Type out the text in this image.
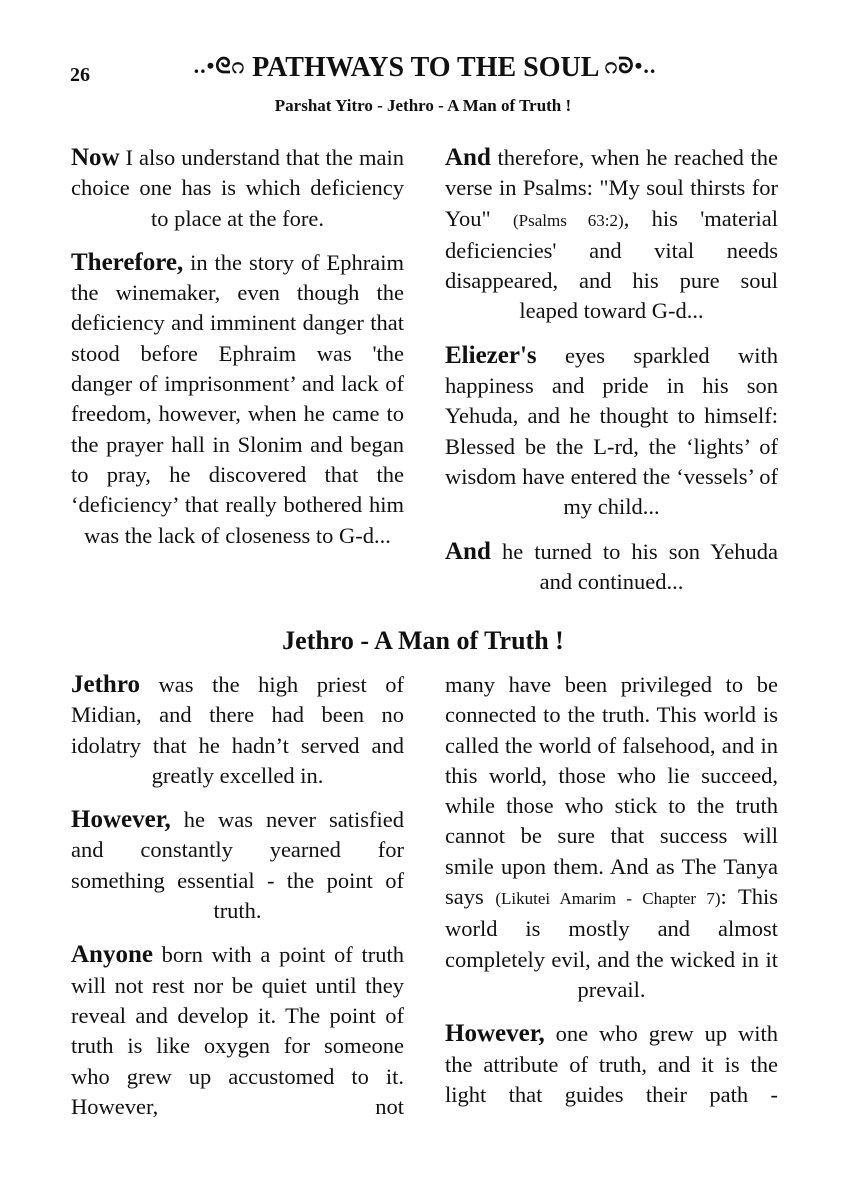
26	..•ᘓ೧ PATHWAYS TO THE SOUL ೧ᘐ•..
Parshat Yitro - Jethro - A Man of Truth !

Now I also understand that the main choice one has is which deficiency to place at the fore.

Therefore, in the story of Ephraim the winemaker, even though the deficiency and imminent danger that stood before Ephraim was 'the danger of imprisonment’ and lack of freedom, however, when he came to the prayer hall in Slonim and began to pray, he discovered that the ‘deficiency’ that really bothered him was the lack of closeness to G-d...

And therefore, when he reached the verse in Psalms: "My soul thirsts for You" (Psalms 63:2), his 'material deficiencies' and vital needs disappeared, and his pure soul leaped toward G-d...

Eliezer's eyes sparkled with happiness and pride in his son Yehuda, and he thought to himself: Blessed be the L-rd, the ‘lights’ of wisdom have entered the ‘vessels’ of my child...

And he turned to his son Yehuda and continued...

Jethro - A Man of Truth !

Jethro was the high priest of Midian, and there had been no idolatry that he hadn’t served and greatly excelled in.

However, he was never satisfied and constantly yearned for something essential - the point of truth.

Anyone born with a point of truth will not rest nor be quiet until they reveal and develop it. The point of truth is like oxygen for someone who grew up accustomed to it. However, not

many have been privileged to be connected to the truth. This world is called the world of falsehood, and in this world, those who lie succeed, while those who stick to the truth cannot be sure that success will smile upon them. And as The Tanya says (Likutei Amarim - Chapter 7): This world is mostly and almost completely evil, and the wicked in it prevail.

However, one who grew up with the attribute of truth, and it is the light that guides their path -
